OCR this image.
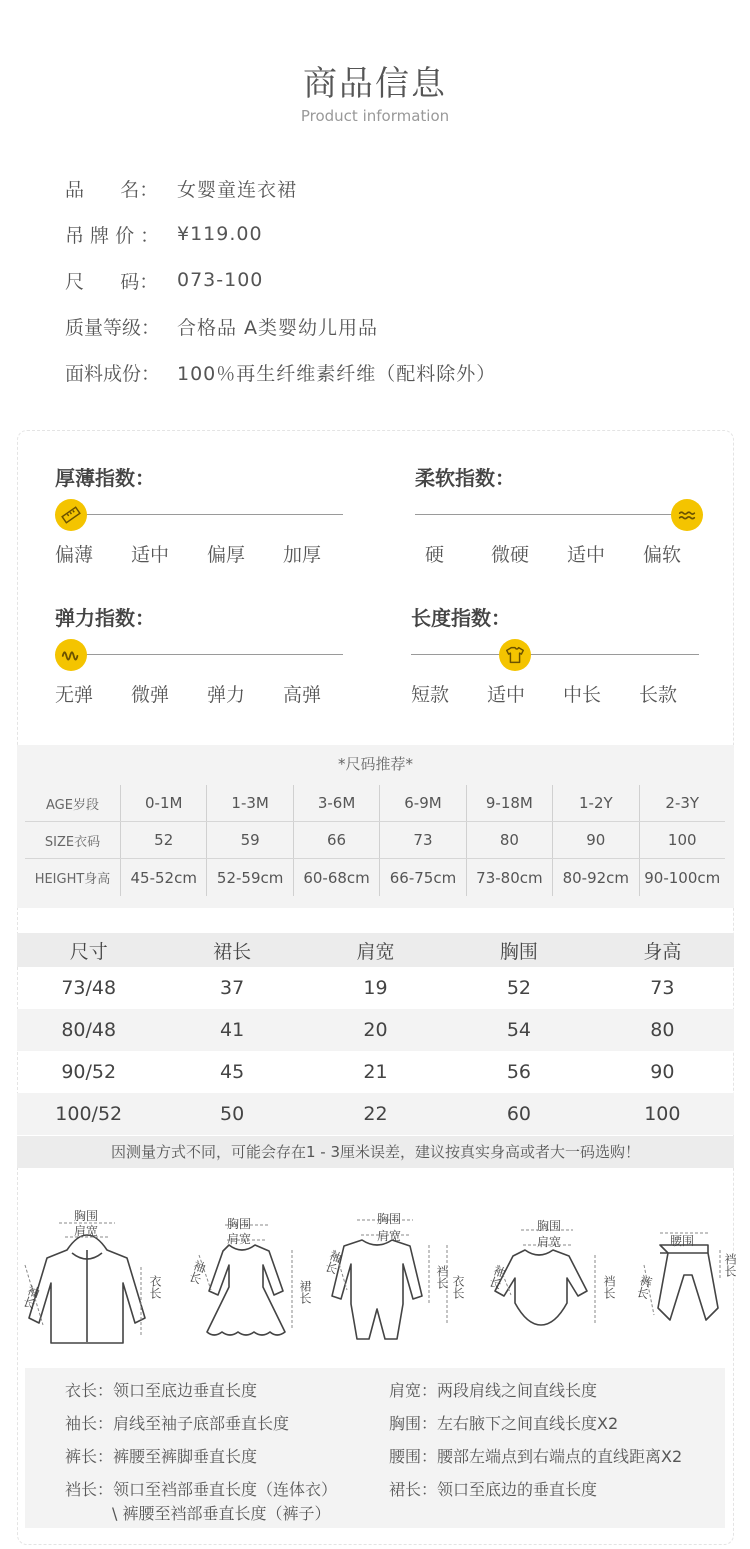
商品信息
Product information
品      名： 女婴童连衣裙
吊 牌 价 ： ¥119.00
尺      码： 073-100
质量等级： 合格品 A类婴幼儿用品
面料成份： 100％再生纤维素纤维（配料除外）
厚薄指数：
偏薄	适中	偏厚	加厚
柔软指数：
硬	微硬	适中	偏软
弹力指数：
无弹	微弹	弹力	高弹
长度指数：
短款	适中	中长	长款
*尺码推荐*
AGE岁段	0-1M	1-3M	3-6M	6-9M	9-18M	1-2Y	2-3Y
SIZE衣码	52	59	66	73	80	90	100
HEIGHT身高	45-52cm	52-59cm	60-68cm	66-75cm	73-80cm	80-92cm	90-100cm
尺寸	裙长	肩宽	胸围	身高
73/48	37	19	52	73
80/48	41	20	54	80
90/52	45	21	56	90
100/52	50	22	60	100
因测量方式不同，可能会存在1 - 3厘米误差，建议按真实身高或者大一码选购！
胸围
肩宽
衣长
袖长
胸围
肩宽
裙长
袖长
胸围
肩宽
裆长 衣长
袖长
胸围
肩宽
裆长
袖长
腰围
裆长
裤长
衣长：领口至底边垂直长度	肩宽：两段肩线之间直线长度
袖长：肩线至袖子底部垂直长度	胸围：左右腋下之间直线长度X2
裤长：裤腰至裤脚垂直长度	腰围：腰部左端点到右端点的直线距离X2
裆长：领口至裆部垂直长度（连体衣）	裙长：领口至底边的垂直长度
\ 裤腰至裆部垂直长度（裤子）
